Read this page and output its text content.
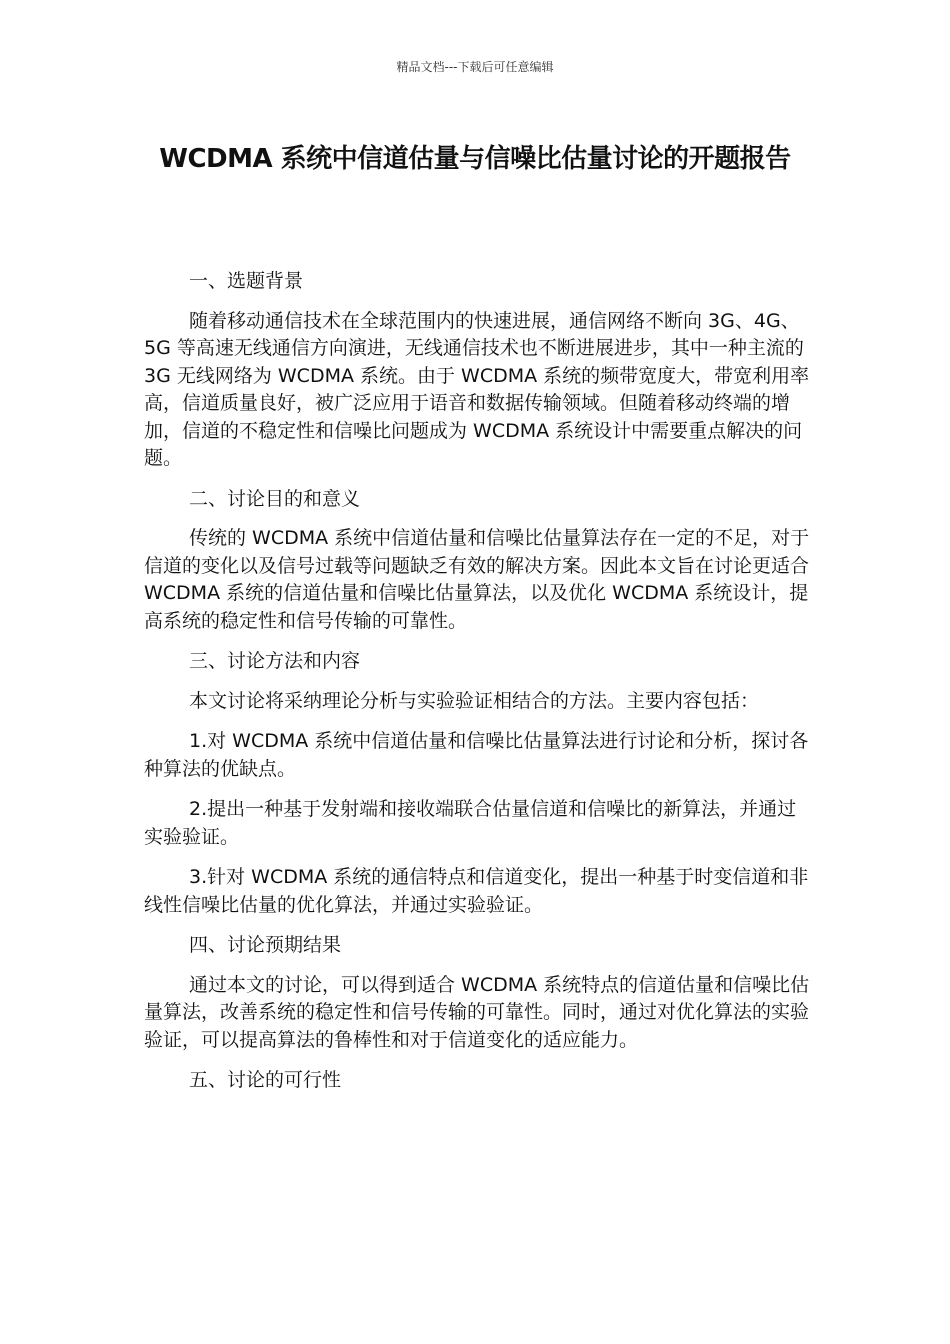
精品文档---下载后可任意编辑
WCDMA 系统中信道估量与信噪比估量讨论的开题报告

一、选题背景

随着移动通信技术在全球范围内的快速进展，通信网络不断向 3G、4G、5G 等高速无线通信方向演进，无线通信技术也不断进展进步，其中一种主流的 3G 无线网络为 WCDMA 系统。由于 WCDMA 系统的频带宽度大，带宽利用率高，信道质量良好，被广泛应用于语音和数据传输领域。但随着移动终端的增加，信道的不稳定性和信噪比问题成为 WCDMA 系统设计中需要重点解决的问题。

二、讨论目的和意义

传统的 WCDMA 系统中信道估量和信噪比估量算法存在一定的不足，对于信道的变化以及信号过载等问题缺乏有效的解决方案。因此本文旨在讨论更适合 WCDMA 系统的信道估量和信噪比估量算法，以及优化 WCDMA 系统设计，提高系统的稳定性和信号传输的可靠性。

三、讨论方法和内容

本文讨论将采纳理论分析与实验验证相结合的方法。主要内容包括：

1.对 WCDMA 系统中信道估量和信噪比估量算法进行讨论和分析，探讨各种算法的优缺点。

2.提出一种基于发射端和接收端联合估量信道和信噪比的新算法，并通过实验验证。

3.针对 WCDMA 系统的通信特点和信道变化，提出一种基于时变信道和非线性信噪比估量的优化算法，并通过实验验证。

四、讨论预期结果

通过本文的讨论，可以得到适合 WCDMA 系统特点的信道估量和信噪比估量算法，改善系统的稳定性和信号传输的可靠性。同时，通过对优化算法的实验验证，可以提高算法的鲁棒性和对于信道变化的适应能力。

五、讨论的可行性
